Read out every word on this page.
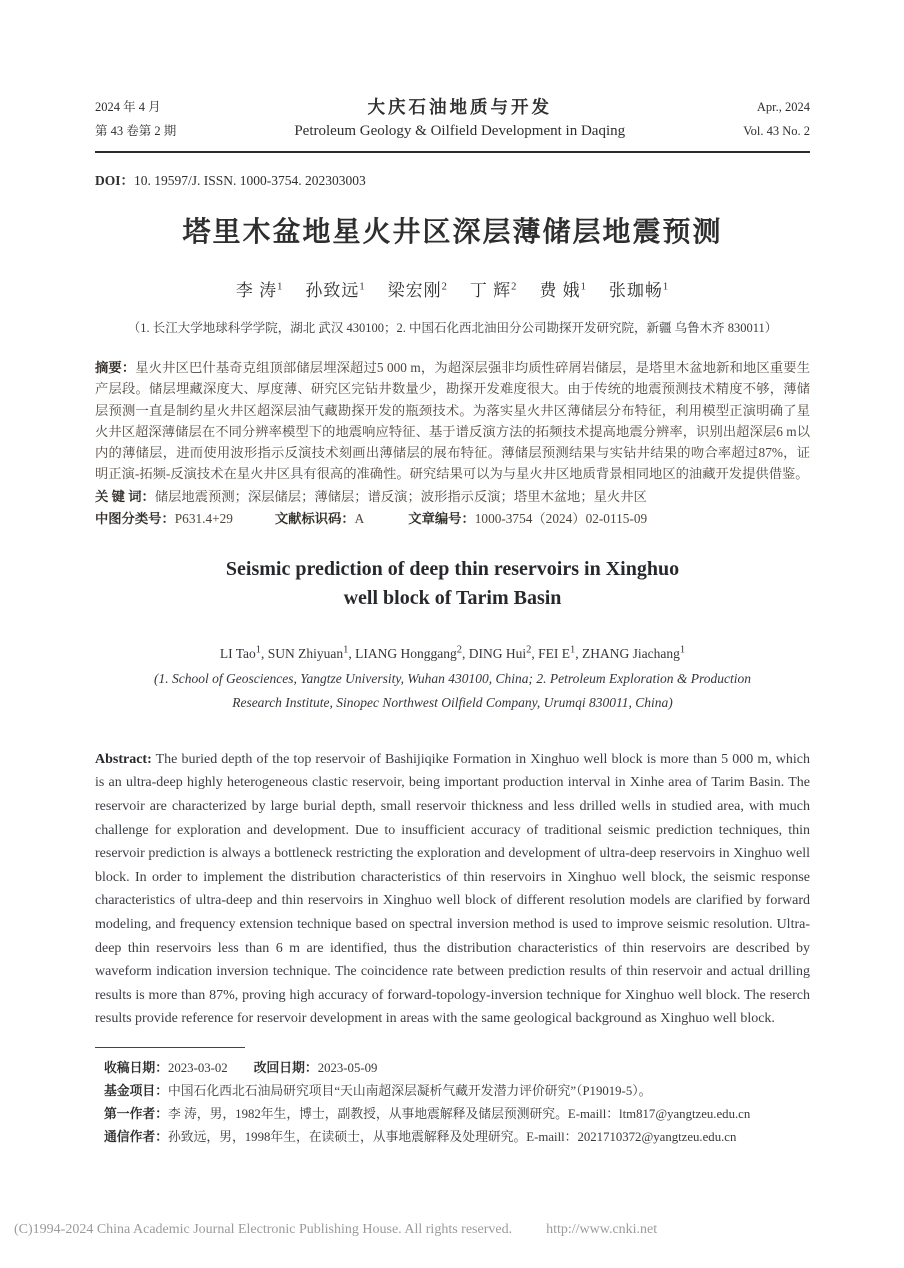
2024 年 4 月
第 43 卷第 2 期
大庆石油地质与开发
Petroleum Geology & Oilfield Development in Daqing
Apr., 2024
Vol. 43 No. 2
DOI：10. 19597/J. ISSN. 1000-3754. 202303003
塔里木盆地星火井区深层薄储层地震预测
李 涛$^1$ 孙致远$^1$ 梁宏刚$^2$ 丁 辉$^2$ 费 娥$^1$ 张珈畅$^1$
（1. 长江大学地球科学学院，湖北 武汉 430100；2. 中国石化西北油田分公司勘探开发研究院，新疆 乌鲁木齐 830011）

摘要：星火井区巴什基奇克组顶部储层埋深超过5 000 m，为超深层强非均质性碎屑岩储层，是塔里木盆地新和地区重要生产层段。储层埋藏深度大、厚度薄、研究区完钻井数量少，勘探开发难度很大。由于传统的地震预测技术精度不够，薄储层预测一直是制约星火井区超深层油气藏勘探开发的瓶颈技术。为落实星火井区薄储层分布特征，利用模型正演明确了星火井区超深薄储层在不同分辨率模型下的地震响应特征、基于谱反演方法的拓频技术提高地震分辨率，识别出超深层6 m以内的薄储层，进而使用波形指示反演技术刻画出薄储层的展布特征。薄储层预测结果与实钻井结果的吻合率超过87%，证明正演-拓频-反演技术在星火井区具有很高的准确性。研究结果可以为与星火井区地质背景相同地区的油藏开发提供借鉴。

关 键 词：储层地震预测；深层储层；薄储层；谱反演；波形指示反演；塔里木盆地；星火井区

中图分类号：P631.4+29	文献标识码：A	文章编号：1000-3754（2024）02-0115-09
Seismic prediction of deep thin reservoirs in Xinghuo
well block of Tarim Basin
LI Tao$^1$, SUN Zhiyuan$^1$, LIANG Honggang$^2$, DING Hui$^2$, FEI $E^1$, ZHANG Jiachang$^1$
(1. School of Geosciences, Yangtze University, Wuhan 430100, China; 2. Petroleum Exploration & Production
Research Institute, Sinopec Northwest Oilfield Company, Urumqi 830011, China)

Abstract: The buried depth of the top reservoir of Bashijiqike Formation in Xinghuo well block is more than 5 000 m, which is an ultra-deep highly heterogeneous clastic reservoir, being important production interval in Xinhe area of Tarim Basin. The reservoir are characterized by large burial depth, small reservoir thickness and less drilled wells in studied area, with much challenge for exploration and development. Due to insufficient accuracy of traditional seismic prediction techniques, thin reservoir prediction is always a bottleneck restricting the exploration and development of ultra-deep reservoirs in Xinghuo well block. In order to implement the distribution characteristics of thin reservoirs in Xinghuo well block, the seismic response characteristics of ultra-deep and thin reservoirs in Xinghuo well block of different resolution models are clarified by forward modeling, and frequency extension technique based on spectral inversion method is used to improve seismic resolution. Ultra-deep thin reservoirs less than 6 m are identified, thus the distribution characteristics of thin reservoirs are described by waveform indication inversion technique. The coincidence rate between prediction results of thin reservoir and actual drilling results is more than 87%, proving high accuracy of forward-topology-inversion technique for Xinghuo well block. The reserch results provide reference for reservoir development in areas with the same geological background as Xinghuo well block.

收稿日期：2023-03-02 改回日期：2023-05-09
基金项目：中国石化西北石油局研究项目“天山南超深层凝析气藏开发潜力评价研究”（P19019-5）。
第一作者：李 涛，男，1982年生，博士，副教授，从事地震解释及储层预测研究。E-maill：ltm817@yangtzeu.edu.cn
通信作者：孙致远，男，1998年生，在读硕士，从事地震解释及处理研究。E-maill：2021710372@yangtzeu.edu.cn
(C)1994-2024 China Academic Journal Electronic Publishing House. All rights reserved. http://www.cnki.net
